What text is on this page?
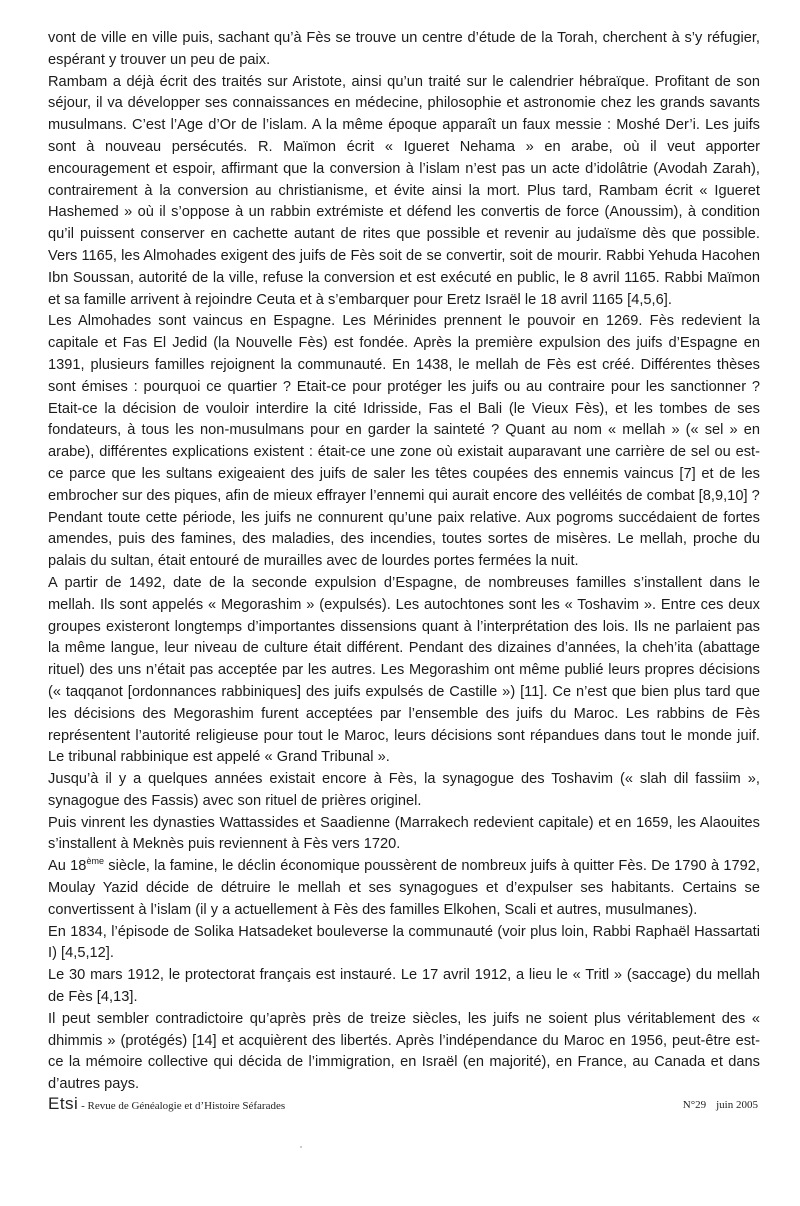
vont de ville en ville puis, sachant qu’à Fès se trouve un centre d’étude de la Torah, cherchent à s’y réfugier, espérant y trouver un peu de paix.

Rambam a déjà écrit des traités sur Aristote, ainsi qu’un traité sur le calendrier hébraïque. Profitant de son séjour, il va développer ses connaissances en médecine, philosophie et astronomie chez les grands savants musulmans. C’est l’Age d’Or de l’islam. A la même époque apparaît un faux messie : Moshé Der’i. Les juifs sont à nouveau persécutés. R. Maïmon écrit « Igueret Nehama » en arabe, où il veut apporter encouragement et espoir, affirmant que la conversion à l’islam n’est pas un acte d’idolâtrie (Avodah Zarah), contrairement à la conversion au christianisme, et évite ainsi la mort. Plus tard, Rambam écrit « Igueret Hashemed » où il s’oppose à un rabbin extrémiste et défend les convertis de force (Anoussim), à condition qu’il puissent conserver en cachette autant de rites que possible et revenir au judaïsme dès que possible. Vers 1165, les Almohades exigent des juifs de Fès soit de se convertir, soit de mourir. Rabbi Yehuda Hacohen Ibn Soussan, autorité de la ville, refuse la conversion et est exécuté en public, le 8 avril 1165. Rabbi Maïmon et sa famille arrivent à rejoindre Ceuta et à s’embarquer pour Eretz Israël le 18 avril 1165 [4,5,6].

Les Almohades sont vaincus en Espagne. Les Mérinides prennent le pouvoir en 1269. Fès redevient la capitale et Fas El Jedid (la Nouvelle Fès) est fondée. Après la première expulsion des juifs d’Espagne en 1391, plusieurs familles rejoignent la communauté. En 1438, le mellah de Fès est créé. Différentes thèses sont émises : pourquoi ce quartier ? Etait-ce pour protéger les juifs ou au contraire pour les sanctionner ? Etait-ce la décision de vouloir interdire la cité Idrisside, Fas el Bali (le Vieux Fès), et les tombes de ses fondateurs, à tous les non-musulmans pour en garder la sainteté ? Quant au nom « mellah » (« sel » en arabe), différentes explications existent : était-ce une zone où existait auparavant une carrière de sel ou est-ce parce que les sultans exigeaient des juifs de saler les têtes coupées des ennemis vaincus [7] et de les embrocher sur des piques, afin de mieux effrayer l’ennemi qui aurait encore des velléités de combat [8,9,10] ?

Pendant toute cette période, les juifs ne connurent qu’une paix relative. Aux pogroms succédaient de fortes amendes, puis des famines, des maladies, des incendies, toutes sortes de misères. Le mellah, proche du palais du sultan, était entouré de murailles avec de lourdes portes fermées la nuit.

A partir de 1492, date de la seconde expulsion d’Espagne, de nombreuses familles s’installent dans le mellah. Ils sont appelés « Megorashim » (expulsés). Les autochtones sont les « Toshavim ». Entre ces deux groupes existeront longtemps d’importantes dissensions quant à l’interprétation des lois. Ils ne parlaient pas la même langue, leur niveau de culture était différent. Pendant des dizaines d’années, la cheh’ita (abattage rituel) des uns n’était pas acceptée par les autres. Les Megorashim ont même publié leurs propres décisions (« taqqanot [ordonnances rabbiniques] des juifs expulsés de Castille ») [11]. Ce n’est que bien plus tard que les décisions des Megorashim furent acceptées par l’ensemble des juifs du Maroc. Les rabbins de Fès représentent l’autorité religieuse pour tout le Maroc, leurs décisions sont répandues dans tout le monde juif. Le tribunal rabbinique est appelé « Grand Tribunal ».

Jusqu’à il y a quelques années existait encore à Fès, la synagogue des Toshavim (« slah dil fassiim », synagogue des Fassis) avec son rituel de prières originel.

Puis vinrent les dynasties Wattassides et Saadienne (Marrakech redevient capitale) et en 1659, les Alaouites s’installent à Meknès puis reviennent à Fès vers 1720.

Au 18ème siècle, la famine, le déclin économique poussèrent de nombreux juifs à quitter Fès. De 1790 à 1792, Moulay Yazid décide de détruire le mellah et ses synagogues et d’expulser ses habitants. Certains se convertissent à l’islam (il y a actuellement à Fès des familles Elkohen, Scali et autres, musulmanes).

En 1834, l’épisode de Solika Hatsadeket bouleverse la communauté (voir plus loin, Rabbi Raphaël Hassartati I) [4,5,12].

Le 30 mars 1912, le protectorat français est instauré. Le 17 avril 1912, a lieu le « Tritl » (saccage) du mellah de Fès [4,13].

Il peut sembler contradictoire qu’après près de treize siècles, les juifs ne soient plus véritablement des « dhimmis » (protégés) [14] et acquièrent des libertés. Après l’indépendance du Maroc en 1956, peut-être est-ce la mémoire collective qui décida de l’immigration, en Israël (en majorité), en France, au Canada et dans d’autres pays.

Etsi - Revue de Généalogie et d’Histoire Séfarades	N°29 juin 2005
